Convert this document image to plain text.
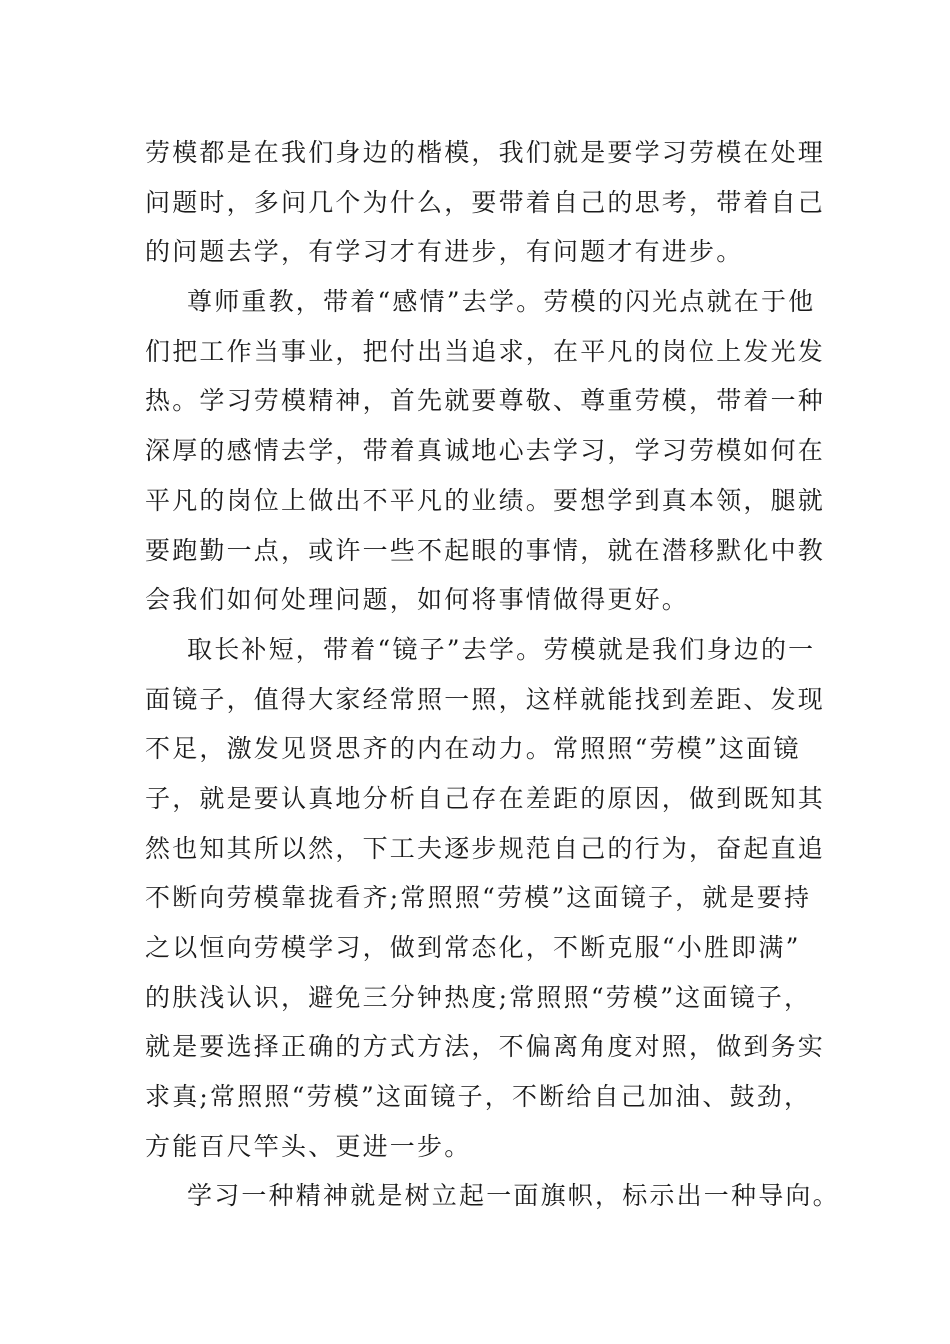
劳模都是在我们身边的楷模，我们就是要学习劳模在处理
问题时，多问几个为什么，要带着自己的思考，带着自己
的问题去学，有学习才有进步，有问题才有进步。
尊师重教，带着“感情”去学。劳模的闪光点就在于他
们把工作当事业，把付出当追求，在平凡的岗位上发光发
热。学习劳模精神，首先就要尊敬、尊重劳模，带着一种
深厚的感情去学，带着真诚地心去学习，学习劳模如何在
平凡的岗位上做出不平凡的业绩。要想学到真本领，腿就
要跑勤一点，或许一些不起眼的事情，就在潜移默化中教
会我们如何处理问题，如何将事情做得更好。
取长补短，带着“镜子”去学。劳模就是我们身边的一
面镜子，值得大家经常照一照，这样就能找到差距、发现
不足，激发见贤思齐的内在动力。常照照“劳模”这面镜
子，就是要认真地分析自己存在差距的原因，做到既知其
然也知其所以然，下工夫逐步规范自己的行为，奋起直追
不断向劳模靠拢看齐;常照照“劳模”这面镜子，就是要持
之以恒向劳模学习，做到常态化，不断克服“小胜即满”
的肤浅认识，避免三分钟热度;常照照“劳模”这面镜子，
就是要选择正确的方式方法，不偏离角度对照，做到务实
求真;常照照“劳模”这面镜子，不断给自己加油、鼓劲，
方能百尺竿头、更进一步。
学习一种精神就是树立起一面旗帜，标示出一种导向。
